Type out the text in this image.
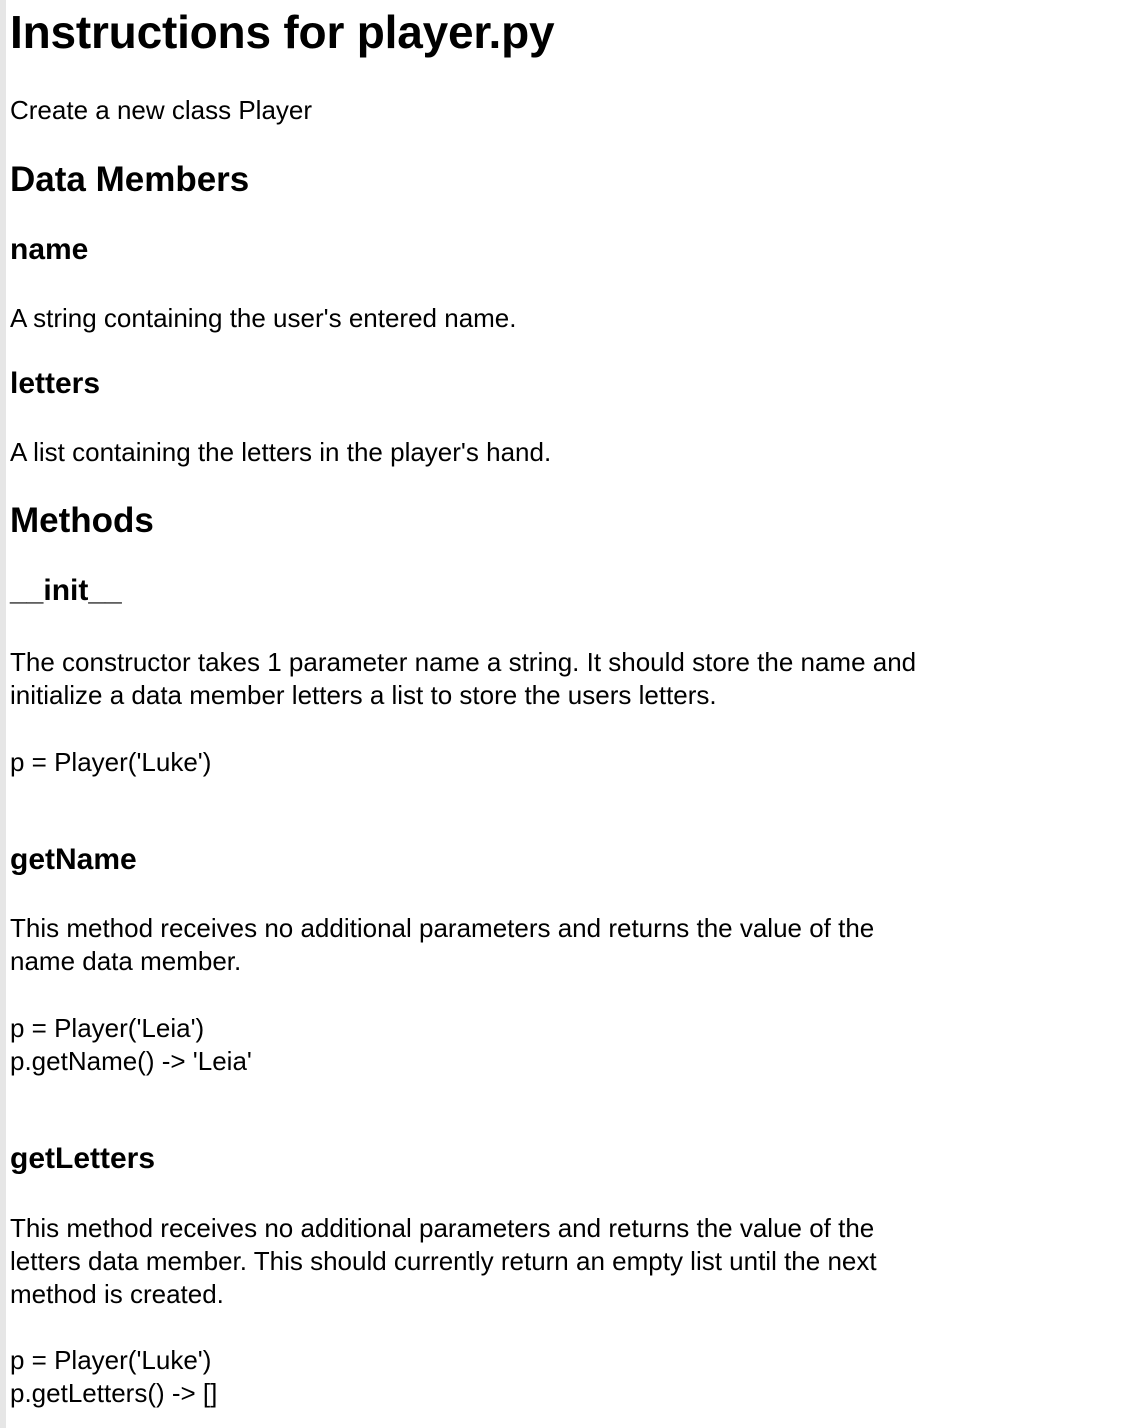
Instructions for player.py

Create a new class Player

Data Members
name

A string containing the user's entered name.

letters

A list containing the letters in the player's hand.

Methods
__init__
The constructor takes 1 parameter name a string. It should store the name and
initialize a data member letters a list to store the users letters.
p = Player('Luke')
getName
This method receives no additional parameters and returns the value of the
name data member.
p = Player('Leia')
p.getName() -> 'Leia'
getLetters
This method receives no additional parameters and returns the value of the
letters data member. This should currently return an empty list until the next
method is created.
p = Player('Luke')
p.getLetters() -> []
